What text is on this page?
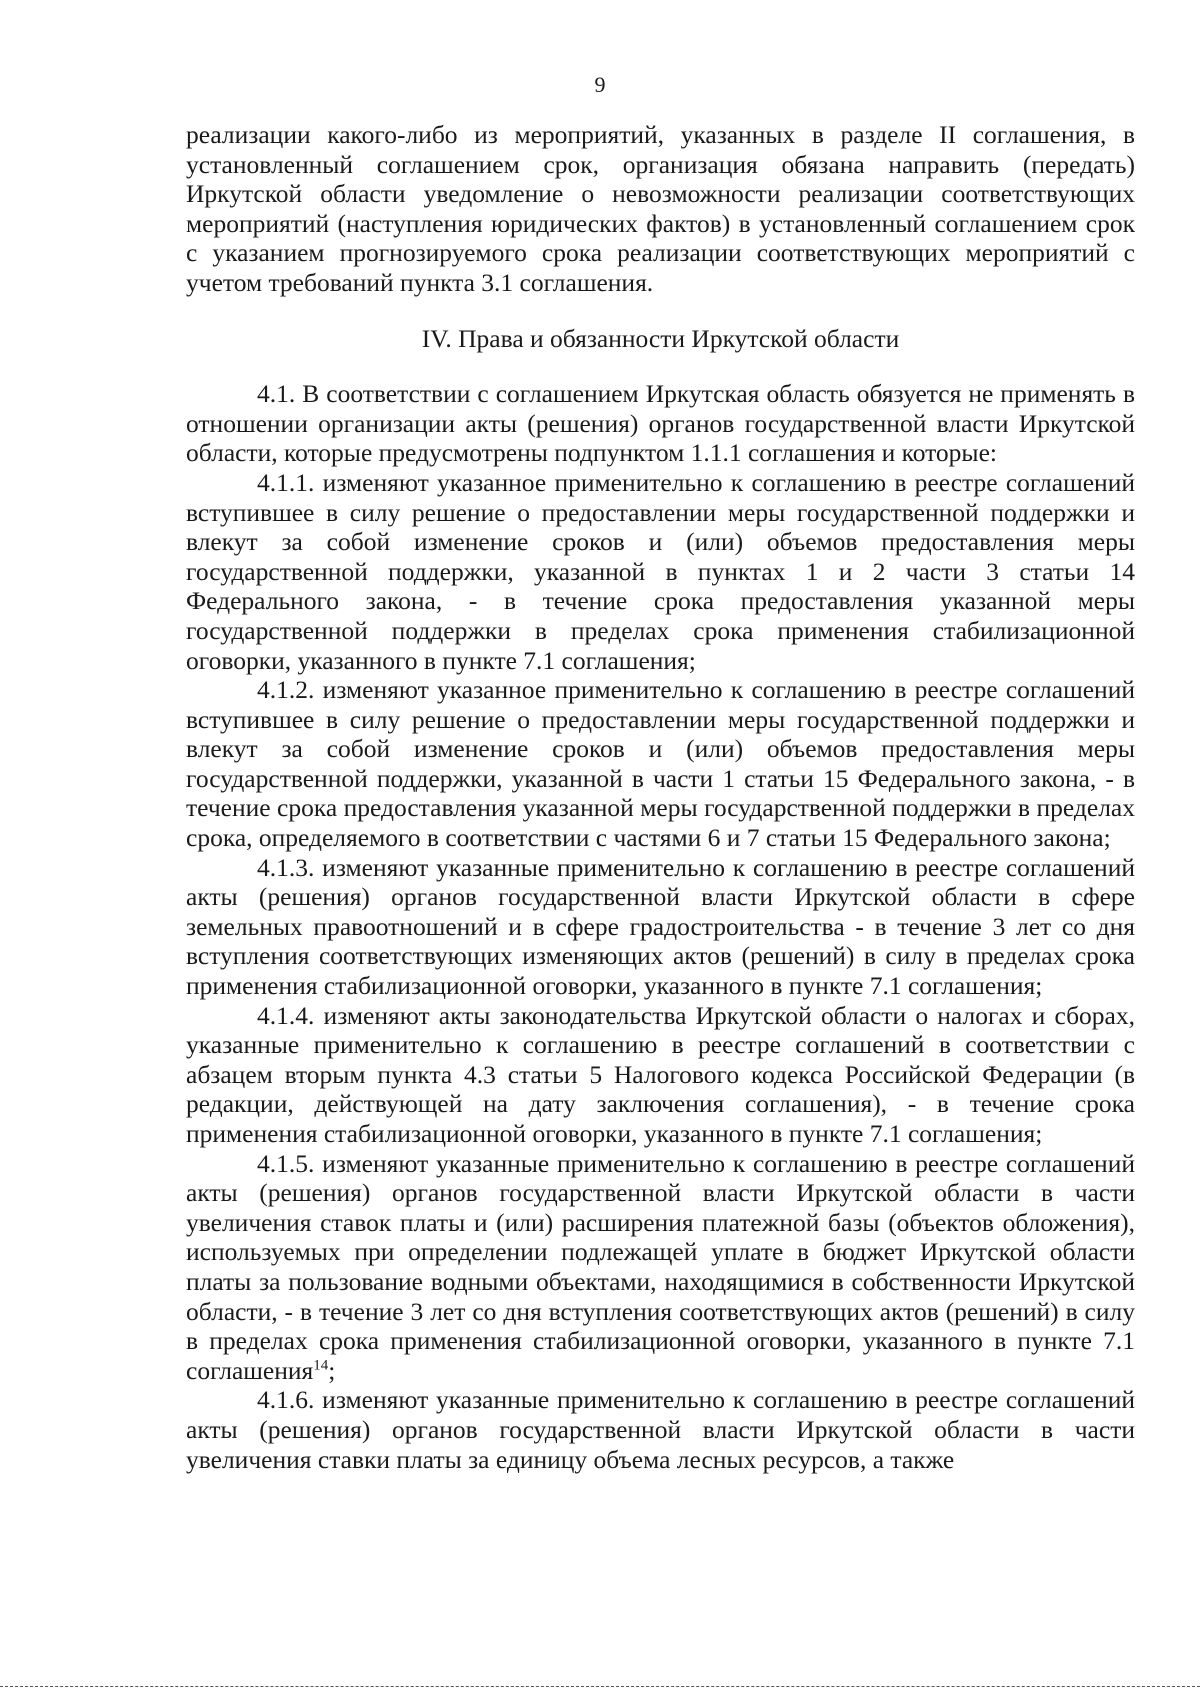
9

реализации какого-либо из мероприятий, указанных в разделе II соглашения, в установленный соглашением срок, организация обязана направить (передать) Иркутской области уведомление о невозможности реализации соответствующих мероприятий (наступления юридических фактов) в установленный соглашением срок с указанием прогнозируемого срока реализации соответствующих мероприятий с учетом требований пункта 3.1 соглашения.

IV. Права и обязанности Иркутской области

4.1. В соответствии с соглашением Иркутская область обязуется не применять в отношении организации акты (решения) органов государственной власти Иркутской области, которые предусмотрены подпунктом 1.1.1 соглашения и которые:

4.1.1. изменяют указанное применительно к соглашению в реестре соглашений вступившее в силу решение о предоставлении меры государственной поддержки и влекут за собой изменение сроков и (или) объемов предоставления меры государственной поддержки, указанной в пунктах 1 и 2 части 3 статьи 14 Федерального закона, - в течение срока предоставления указанной меры государственной поддержки в пределах срока применения стабилизационной оговорки, указанного в пункте 7.1 соглашения;

4.1.2. изменяют указанное применительно к соглашению в реестре соглашений вступившее в силу решение о предоставлении меры государственной поддержки и влекут за собой изменение сроков и (или) объемов предоставления меры государственной поддержки, указанной в части 1 статьи 15 Федерального закона, - в течение срока предоставления указанной меры государственной поддержки в пределах срока, определяемого в соответствии с частями 6 и 7 статьи 15 Федерального закона;

4.1.3. изменяют указанные применительно к соглашению в реестре соглашений акты (решения) органов государственной власти Иркутской области в сфере земельных правоотношений и в сфере градостроительства - в течение 3 лет со дня вступления соответствующих изменяющих актов (решений) в силу в пределах срока применения стабилизационной оговорки, указанного в пункте 7.1 соглашения;

4.1.4. изменяют акты законодательства Иркутской области о налогах и сборах, указанные применительно к соглашению в реестре соглашений в соответствии с абзацем вторым пункта 4.3 статьи 5 Налогового кодекса Российской Федерации (в редакции, действующей на дату заключения соглашения), - в течение срока применения стабилизационной оговорки, указанного в пункте 7.1 соглашения;

4.1.5. изменяют указанные применительно к соглашению в реестре соглашений акты (решения) органов государственной власти Иркутской области в части увеличения ставок платы и (или) расширения платежной базы (объектов обложения), используемых при определении подлежащей уплате в бюджет Иркутской области платы за пользование водными объектами, находящимися в собственности Иркутской области, - в течение 3 лет со дня вступления соответствующих актов (решений) в силу в пределах срока применения стабилизационной оговорки, указанного в пункте 7.1 соглашения$^{14}$;

4.1.6. изменяют указанные применительно к соглашению в реестре соглашений акты (решения) органов государственной власти Иркутской области в части увеличения ставки платы за единицу объема лесных ресурсов, а также
